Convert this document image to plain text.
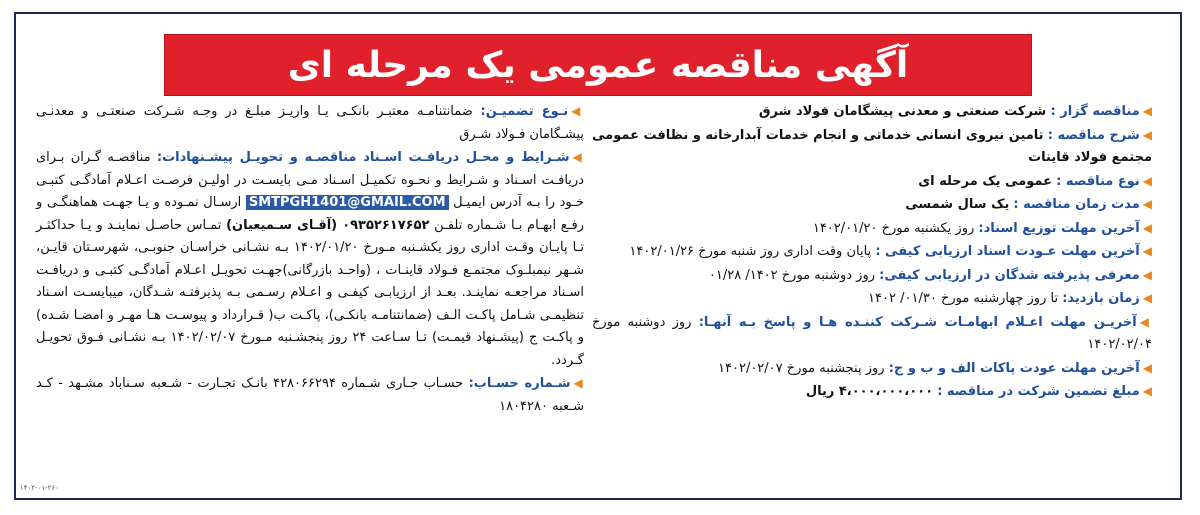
آگهی مناقصه عمومی یک مرحله ای

◀مناقصه گزار : شرکت صنعتی و معدنی پیشگامان فولاد شرق

◀شرح مناقصه : تامین نیروی انسانی خدماتی و انجام خدمات آبدارخانه و نظافت عمومی مجتمع فولاد قاینات

◀نوع مناقصه : عمومی یک مرحله ای

◀مدت زمان مناقصه : یک سال شمسی

◀آخرین مهلت توزیع اسناد: روز یکشنبه مورخ ۱۴۰۲/۰۱/۲۰

◀آخرین مهلت عـودت اسناد ارزیابی کیفی : پایان وقت اداری روز شنبه مورخ ۱۴۰۲/۰۱/۲۶

◀معرفی پذیرفته شدگان در ارزیابی کیفی: روز دوشنبه مورخ ۱۴۰۲/ ۰۱/۲۸

◀زمان بازدید: تا روز چهارشنبه مورخ ۰۱/۳۰/ ۱۴۰۲

◀آخریـن مهلت اعـلام ابهامـات شـرکت کننـده هـا و پاسخ بـه آنهـا: روز دوشنبه مورخ ۱۴۰۲/۰۲/۰۴

◀آخرین مهلت عودت پاکات الف و ب و ج: روز پنجشنبه مورخ ۱۴۰۲/۰۲/۰۷

◀مبلغ تضمین شرکت در مناقصه : ۴،۰۰۰،۰۰۰،۰۰۰ ریال

◀نـوع تضمیـن: ضمانتنامـه معتبـر بانکـی یـا واریـز مبلـغ در وجـه شـرکت صنعتـی و معدنـی پیشـگامان فـولاد شـرق

◀شـرایط و محـل دریافـت اسـناد مناقصـه و تحویـل پیشـنهادات: مناقصـه گـران بـرای دریافـت اسـناد و شـرایط و نحـوه تکمیـل اسـناد مـی بایسـت در اولیـن فرصـت اعـلام آمادگـی کتبـی خـود را بـه آدرس ایمیـل SMTPGH1401@GMAIL.COM ارسـال نمـوده و یـا جهـت هماهنگـی و رفـع ابهـام بـا شـماره تلفـن ۰۹۳۵۲۶۱۷۶۵۲ (آقـای سـمیعیان) تمـاس حاصـل نماینـد و یـا حداکثـر تـا پایـان وقـت اداری روز یکشـنبه مـورخ ۱۴۰۲/۰۱/۲۰ بـه نشـانی خراسـان جنوبـی، شهرسـتان قایـن، شـهر نیمبلـوک مجتمـع فـولاد قاینـات ، (واحـد بازرگانی)جهـت تحویـل اعـلام آمادگـی کتبـی و دریافـت اسـناد مراجعـه نماینـد. بعـد از ارزیابـی کیفـی و اعـلام رسـمی بـه پذیرفتـه شـدگان، میبایسـت اسـناد تنظیمـی شـامل پاکـت الـف (ضمانتنامـه بانکـی)، پاکـت ب( قـرارداد و پیوسـت هـا مهـر و امضـا شـده) و پاکـت ج (پیشـنهاد قیمـت) تـا سـاعت ۲۴ روز پنجشـنبه مـورخ ۱۴۰۲/۰۲/۰۷ بـه نشـانی فـوق تحویـل گـردد.

◀شـماره حسـاب: حسـاب جـاری شـماره ۴۲۸۰۶۶۲۹۴ بانـک تجـارت - شـعبه سـناباد مشـهد - کـد شـعبه ۱۸۰۴۲۸۰

۱۴۰۲-۰۱-۲۶۰
